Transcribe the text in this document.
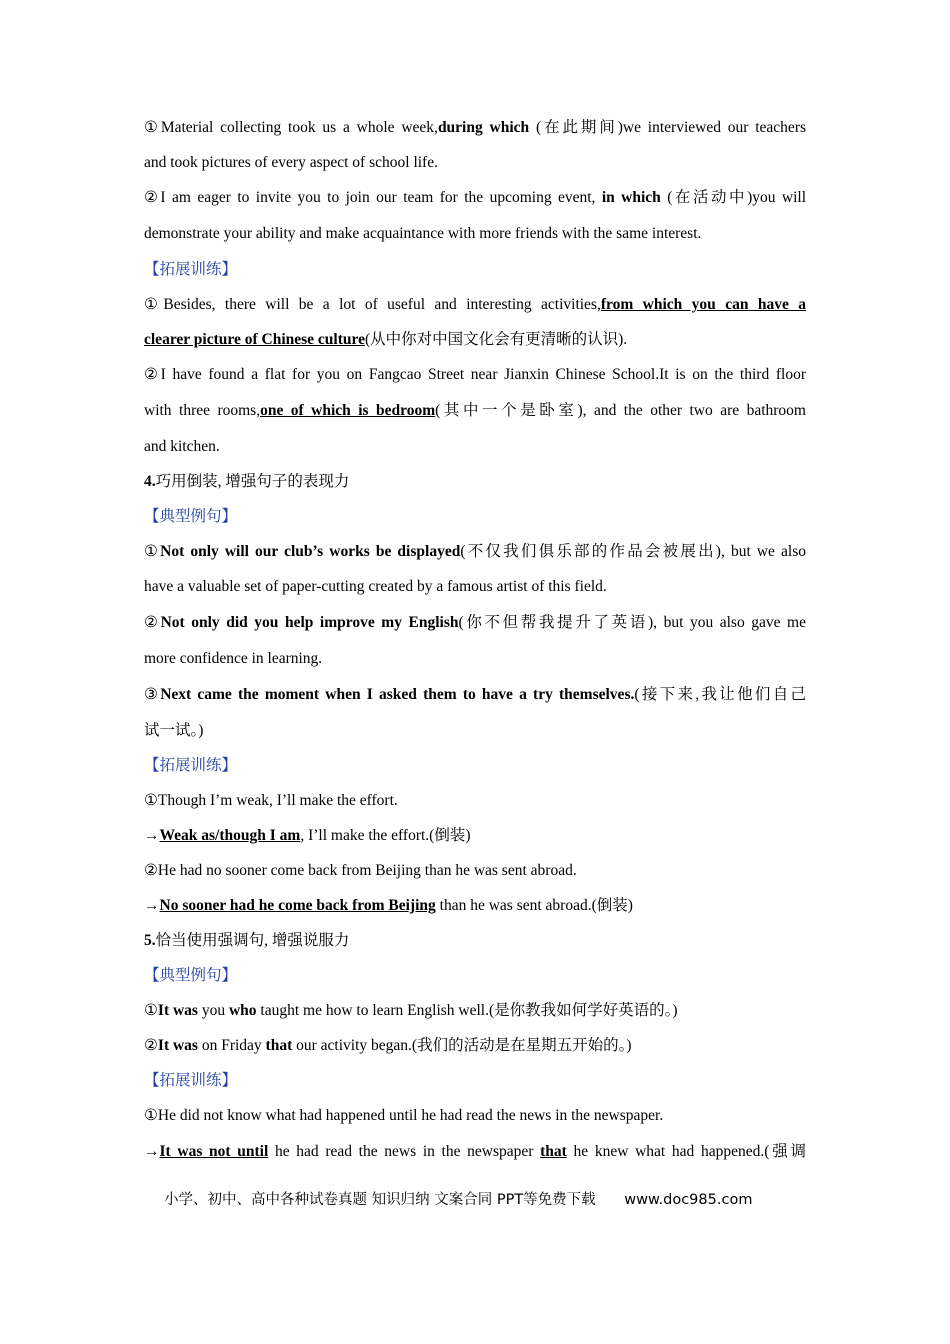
①Material collecting took us a whole week,during which (在此期间)we interviewed our teachers
and took pictures of every aspect of school life.
②I am eager to invite you to join our team for the upcoming event, in which (在活动中)you will
demonstrate your ability and make acquaintance with more friends with the same interest.
【拓展训练】
①Besides, there will be a lot of useful and interesting activities,from which you can have a
clearer picture of Chinese culture(从中你对中国文化会有更清晰的认识).
②I have found a flat for you on Fangcao Street near Jianxin Chinese School.It is on the third floor
with three rooms,one of which is bedroom(其中一个是卧室), and the other two are bathroom
and kitchen.
4.巧用倒装, 增强句子的表现力
【典型例句】
①Not only will our club’s works be displayed(不仅我们俱乐部的作品会被展出), but we also
have a valuable set of paper-cutting created by a famous artist of this field.
②Not only did you help improve my English(你不但帮我提升了英语), but you also gave me
more confidence in learning.
③Next came the moment when I asked them to have a try themselves.(接下来,我让他们自己
试一试。)
【拓展训练】
①Though I’m weak, I’ll make the effort.
→Weak as/though I am, I’ll make the effort.(倒装)
②He had no sooner come back from Beijing than he was sent abroad.
→No sooner had he come back from Beijing than he was sent abroad.(倒装)
5.恰当使用强调句, 增强说服力
【典型例句】
①It was you who taught me how to learn English well.(是你教我如何学好英语的。)
②It was on Friday that our activity began.(我们的活动是在星期五开始的。)
【拓展训练】
①He did not know what had happened until he had read the news in the newspaper.
→It was not until he had read the news in the newspaper that he knew what had happened.(强调
小学、初中、高中各种试卷真题 知识归纳 文案合同 PPT等免费下载 www.doc985.com
